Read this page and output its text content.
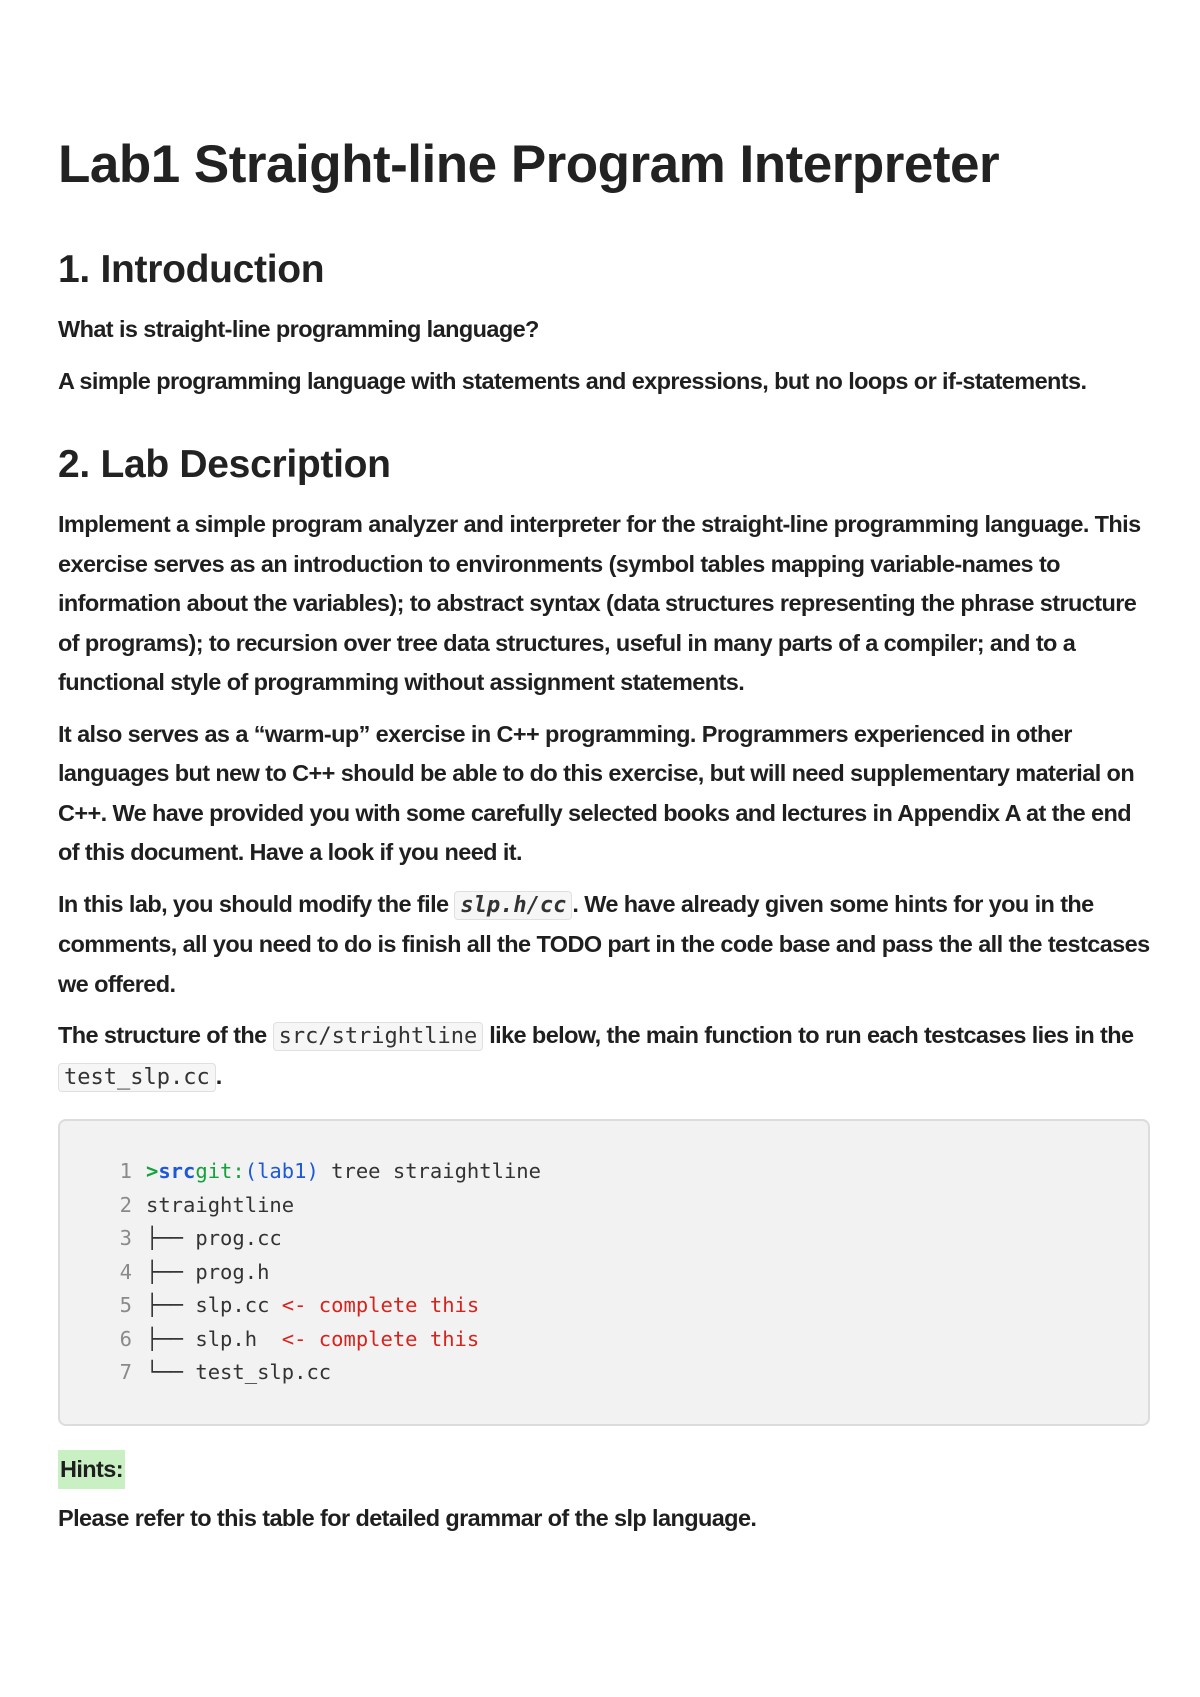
Lab1 Straight-line Program Interpreter
1. Introduction

What is straight-line programming language?

A simple programming language with statements and expressions, but no loops or if-statements.

2. Lab Description

Implement a simple program analyzer and interpreter for the straight-line programming language. This exercise serves as an introduction to environments (symbol tables mapping variable-names to information about the variables); to abstract syntax (data structures representing the phrase structure of programs); to recursion over tree data structures, useful in many parts of a compiler; and to a functional style of programming without assignment statements.

It also serves as a “warm-up” exercise in C++ programming. Programmers experienced in other languages but new to C++ should be able to do this exercise, but will need supplementary material on C++. We have provided you with some carefully selected books and lectures in Appendix A at the end of this document. Have a look if you need it.

In this lab, you should modify the file slp.h/cc . We have already given some hints for you in the comments, all you need to do is finish all the TODO part in the code base and pass the all the testcases we offered.

The structure of the src/strightline like below, the main function to run each testcases lies in the test_slp.cc .

1 > src git: (lab1) tree straightline
2 straightline
3 ├── prog.cc
4 ├── prog.h
5 ├── slp.cc <- complete this
6 ├── slp.h <- complete this
7 └── test_slp.cc
Hints:

Please refer to this table for detailed grammar of the slp language.
